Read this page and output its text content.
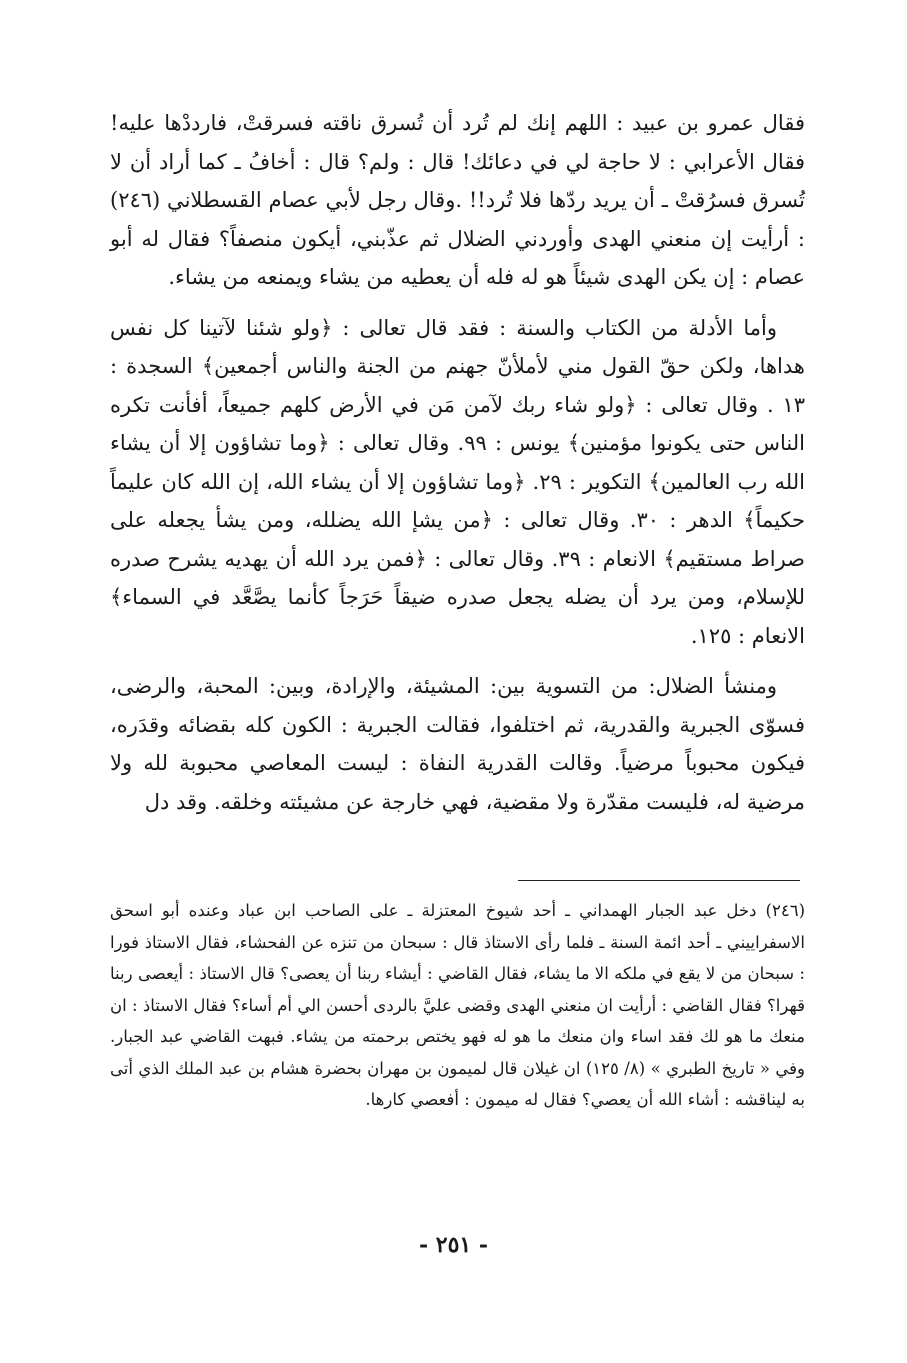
فقال عمرو بن عبيد : اللهم إنك لم تُرد أن تُسرق ناقته فسرقتْ، فارددْها عليه! فقال الأعرابي : لا حاجة لي في دعائك! قال : ولم؟ قال : أخافُ ـ كما أراد أن لا تُسرق فسرُقتْ ـ أن يريد ردّها فلا تُرد!! .وقال رجل لأبي عصام القسطلاني (٢٤٦) : أرأيت إن منعني الهدى وأوردني الضلال ثم عذّبني، أيكون منصفاً؟ فقال له أبو عصام : إن يكن الهدى شيئاً هو له فله أن يعطيه من يشاء ويمنعه من يشاء.

وأما الأدلة من الكتاب والسنة : فقد قال تعالى : ﴿ولو شئنا لآتينا كل نفس هداها، ولكن حقّ القول مني لأملأنّ جهنم من الجنة والناس أجمعين﴾ السجدة : ١٣ . وقال تعالى : ﴿ولو شاء ربك لآمن مَن في الأرض كلهم جميعاً، أفأنت تكره الناس حتى يكونوا مؤمنين﴾ يونس : ٩٩. وقال تعالى : ﴿وما تشاؤون إلا أن يشاء الله رب العالمين﴾ التكوير : ٢٩. ﴿وما تشاؤون إلا أن يشاء الله، إن الله كان عليماً حكيماً﴾ الدهر : ٣٠. وقال تعالى : ﴿من يشإ الله يضلله، ومن يشأ يجعله على صراط مستقيم﴾ الانعام : ٣٩. وقال تعالى : ﴿فمن يرد الله أن يهديه يشرح صدره للإسلام، ومن يرد أن يضله يجعل صدره ضيقاً حَرَجاً كأنما يصَّعَّد في السماء﴾ الانعام : ١٢٥.

ومنشأ الضلال: من التسوية بين: المشيئة، والإرادة، وبين: المحبة، والرضى، فسوّى الجبرية والقدرية، ثم اختلفوا، فقالت الجبرية : الكون كله بقضائه وقدَره، فيكون محبوباً مرضياً. وقالت القدرية النفاة : ليست المعاصي محبوبة لله ولا مرضية له، فليست مقدّرة ولا مقضية، فهي خارجة عن مشيئته وخلقه. وقد دل

(٢٤٦) دخل عبد الجبار الهمداني ـ أحد شيوخ المعتزلة ـ على الصاحب ابن عباد وعنده أبو اسحق الاسفراييني ـ أحد ائمة السنة ـ فلما رأى الاستاذ قال : سبحان من تنزه عن الفحشاء، فقال الاستاذ فورا : سبحان من لا يقع في ملكه الا ما يشاء، فقال القاضي : أيشاء ربنا أن يعصى؟ قال الاستاذ : أيعصى ربنا قهرا؟ فقال القاضي : أرأيت ان منعني الهدى وقضى عليَّ بالردى أحسن الي أم أساء؟ فقال الاستاذ : ان منعك ما هو لك فقد اساء وان منعك ما هو له فهو يختص برحمته من يشاء. فبهت القاضي عبد الجبار. وفي « تاريخ الطبري » (٨/ ١٢٥) ان غيلان قال لميمون بن مهران بحضرة هشام بن عبد الملك الذي أتى به ليناقشه : أشاء الله أن يعصي؟ فقال له ميمون : أفعصي كارها.

- ٢٥١ -
